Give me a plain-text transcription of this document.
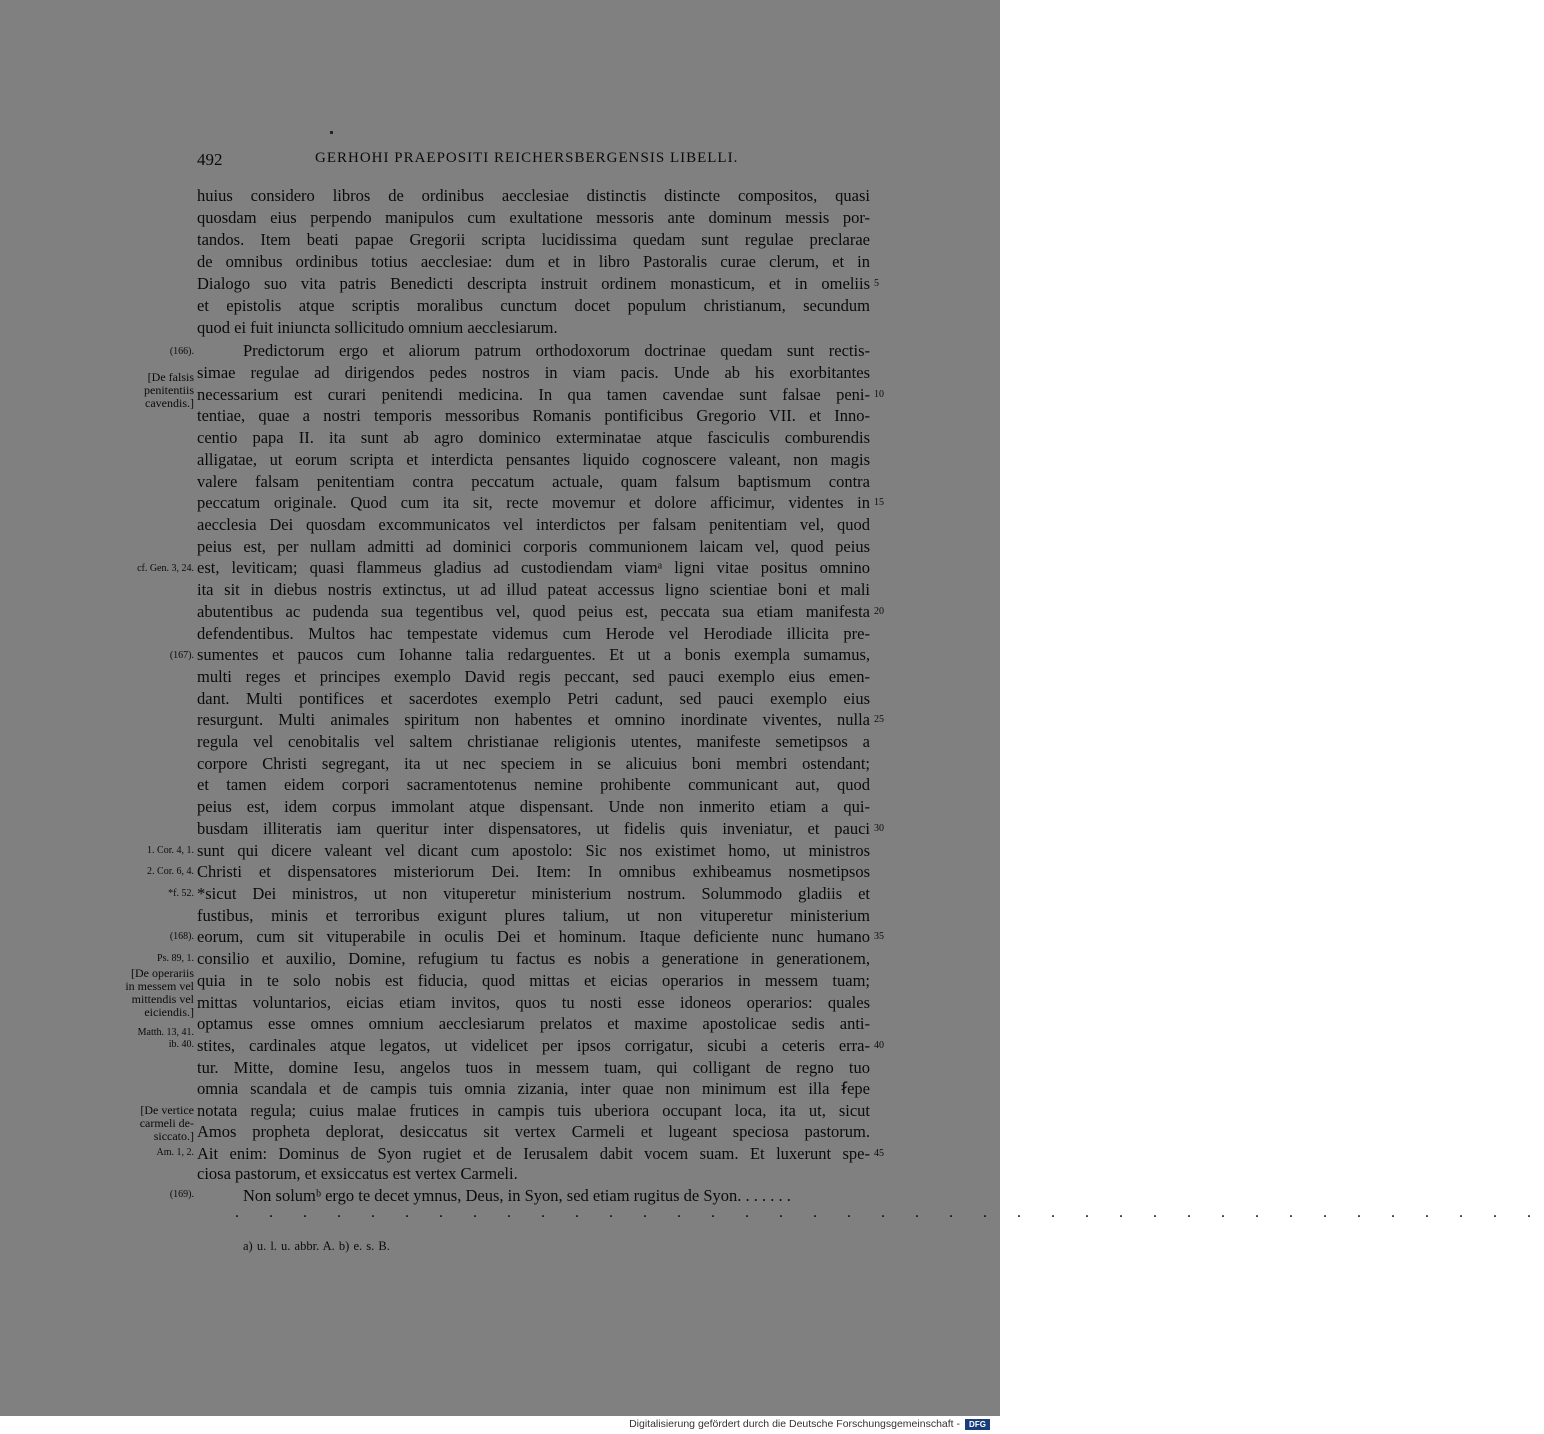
492	GERHOHI PRAEPOSITI REICHERSBERGENSIS LIBELLI.
huius considero libros de ordinibus aecclesiae distinctis distincte compositos, quasi
quosdam eius perpendo manipulos cum exultatione messoris ante dominum messis por-
tandos. Item beati papae Gregorii scripta lucidissima quedam sunt regulae preclarae
de omnibus ordinibus totius aecclesiae: dum et in libro Pastoralis curae clerum, et in
Dialogo suo vita patris Benedicti descripta instruit ordinem monasticum, et in omeliis
et epistolis atque scriptis moralibus cunctum docet populum christianum, secundum
quod ei fuit iniuncta sollicitudo omnium aecclesiarum.
Predictorum ergo et aliorum patrum orthodoxorum doctrinae quedam sunt rectis-
simae regulae ad dirigendos pedes nostros in viam pacis. Unde ab his exorbitantes
necessarium est curari penitendi medicina. In qua tamen cavendae sunt falsae peni-
tentiae, quae a nostri temporis messoribus Romanis pontificibus Gregorio VII. et Inno-
centio papa II. ita sunt ab agro dominico exterminatae atque fasciculis comburendis
alligatae, ut eorum scripta et interdicta pensantes liquido cognoscere valeant, non magis
valere falsam penitentiam contra peccatum actuale, quam falsum baptismum contra
peccatum originale. Quod cum ita sit, recte movemur et dolore afficimur, videntes in
aecclesia Dei quosdam excommunicatos vel interdictos per falsam penitentiam vel, quod
peius est, per nullam admitti ad dominici corporis communionem laicam vel, quod peius
est, leviticam; quasi flammeus gladius ad custodiendam viamᵃ ligni vitae positus omnino
ita sit in diebus nostris extinctus, ut ad illud pateat accessus ligno scientiae boni et mali
abutentibus ac pudenda sua tegentibus vel, quod peius est, peccata sua etiam manifesta
defendentibus. Multos hac tempestate videmus cum Herode vel Herodiade illicita pre-
sumentes et paucos cum Iohanne talia redarguentes. Et ut a bonis exempla sumamus,
multi reges et principes exemplo David regis peccant, sed pauci exemplo eius emen-
dant. Multi pontifices et sacerdotes exemplo Petri cadunt, sed pauci exemplo eius
resurgunt. Multi animales spiritum non habentes et omnino inordinate viventes, nulla
regula vel cenobitalis vel saltem christianae religionis utentes, manifeste semetipsos a
corpore Christi segregant, ita ut nec speciem in se alicuius boni membri ostendant;
et tamen eidem corpori sacramentotenus nemine prohibente communicant aut, quod
peius est, idem corpus immolant atque dispensant. Unde non inmerito etiam a qui-
busdam illiteratis iam queritur inter dispensatores, ut fidelis quis inveniatur, et pauci
sunt qui dicere valeant vel dicant cum apostolo: Sic nos existimet homo, ut ministros
Christi et dispensatores misteriorum Dei. Item: In omnibus exhibeamus nosmetipsos
*sicut Dei ministros, ut non vituperetur ministerium nostrum. Solummodo gladiis et
fustibus, minis et terroribus exigunt plures talium, ut non vituperetur ministerium
eorum, cum sit vituperabile in oculis Dei et hominum. Itaque deficiente nunc humano
consilio et auxilio, Domine, refugium tu factus es nobis a generatione in generationem,
quia in te solo nobis est fiducia, quod mittas et eicias operarios in messem tuam;
mittas voluntarios, eicias etiam invitos, quos tu nosti esse idoneos operarios: quales
optamus esse omnes omnium aecclesiarum prelatos et maxime apostolicae sedis anti-
stites, cardinales atque legatos, ut videlicet per ipsos corrigatur, sicubi a ceteris erra-
tur. Mitte, domine Iesu, angelos tuos in messem tuam, qui colligant de regno tuo
omnia scandala et de campis tuis omnia zizania, inter quae non minimum est illa ẜepe
notata regula; cuius malae frutices in campis tuis uberiora occupant loca, ita ut, sicut
Amos propheta deplorat, desiccatus sit vertex Carmeli et lugeant speciosa pastorum.
Ait enim: Dominus de Syon rugiet et de Ierusalem dabit vocem suam. Et luxerunt spe-
ciosa pastorum, et exsiccatus est vertex Carmeli.
Non solumᵇ ergo te decet ymnus, Deus, in Syon, sed etiam rugitus de Syon. . . . . . .
5
10
15
20
25
30
35
40
45
(166).
[De falsis
penitentiis
cavendis.]
cf. Gen. 3, 24.
(167).
1. Cor. 4, 1.
2. Cor. 6, 4.
*f. 52.
(168).
Ps. 89, 1.
[De operariis
in messem vel
mittendis vel
eiciendis.]
Matth. 13, 41.
ib. 40.
[De vertice
carmeli de-
siccato.]
Am. 1, 2.
(169).
. . . . . . . . . . . . . . . . . . . . . . . . . . . . . . . . . . . . . . .
a) u. l. u. abbr. A. b) e. s. B.
Digitalisierung gefördert durch die Deutsche Forschungsgemeinschaft -	DFG
